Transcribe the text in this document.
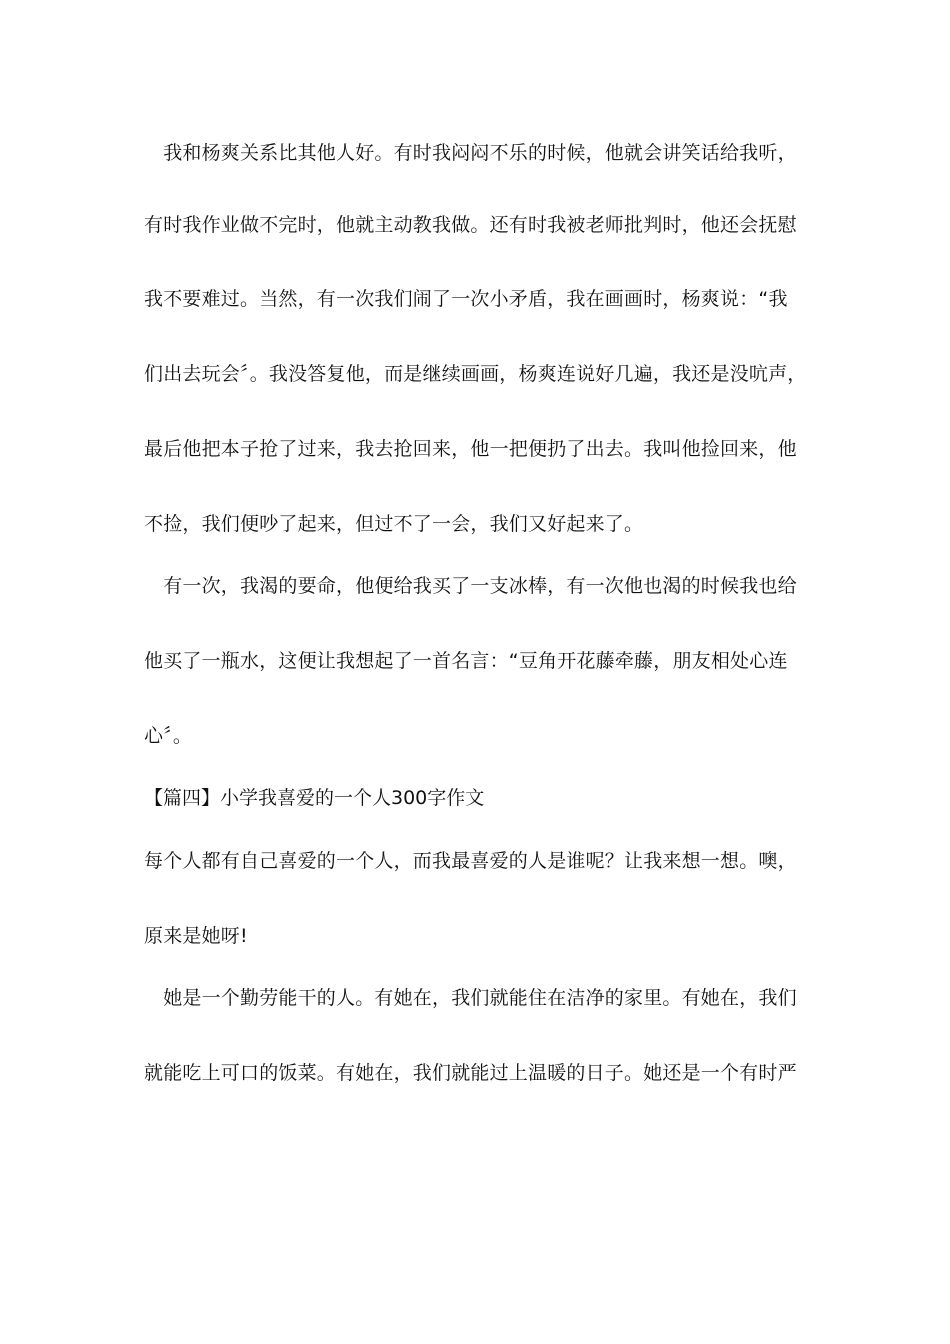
　我和杨爽关系比其他人好。有时我闷闷不乐的时候，他就会讲笑话给我听，
有时我作业做不完时，他就主动教我做。还有时我被老师批判时，他还会抚慰
我不要难过。当然，有一次我们闹了一次小矛盾，我在画画时，杨爽说：“我
们出去玩会〞。我没答复他，而是继续画画，杨爽连说好几遍，我还是没吭声，
最后他把本子抢了过来，我去抢回来，他一把便扔了出去。我叫他捡回来，他
不捡，我们便吵了起来，但过不了一会，我们又好起来了。
　有一次，我渴的要命，他便给我买了一支冰棒，有一次他也渴的时候我也给
他买了一瓶水，这便让我想起了一首名言：“豆角开花藤牵藤，朋友相处心连
心〞。
【篇四】小学我喜爱的一个人300字作文
每个人都有自己喜爱的一个人，而我最喜爱的人是谁呢？让我来想一想。噢，
原来是她呀!
　她是一个勤劳能干的人。有她在，我们就能住在洁净的家里。有她在，我们
就能吃上可口的饭菜。有她在，我们就能过上温暖的日子。她还是一个有时严
